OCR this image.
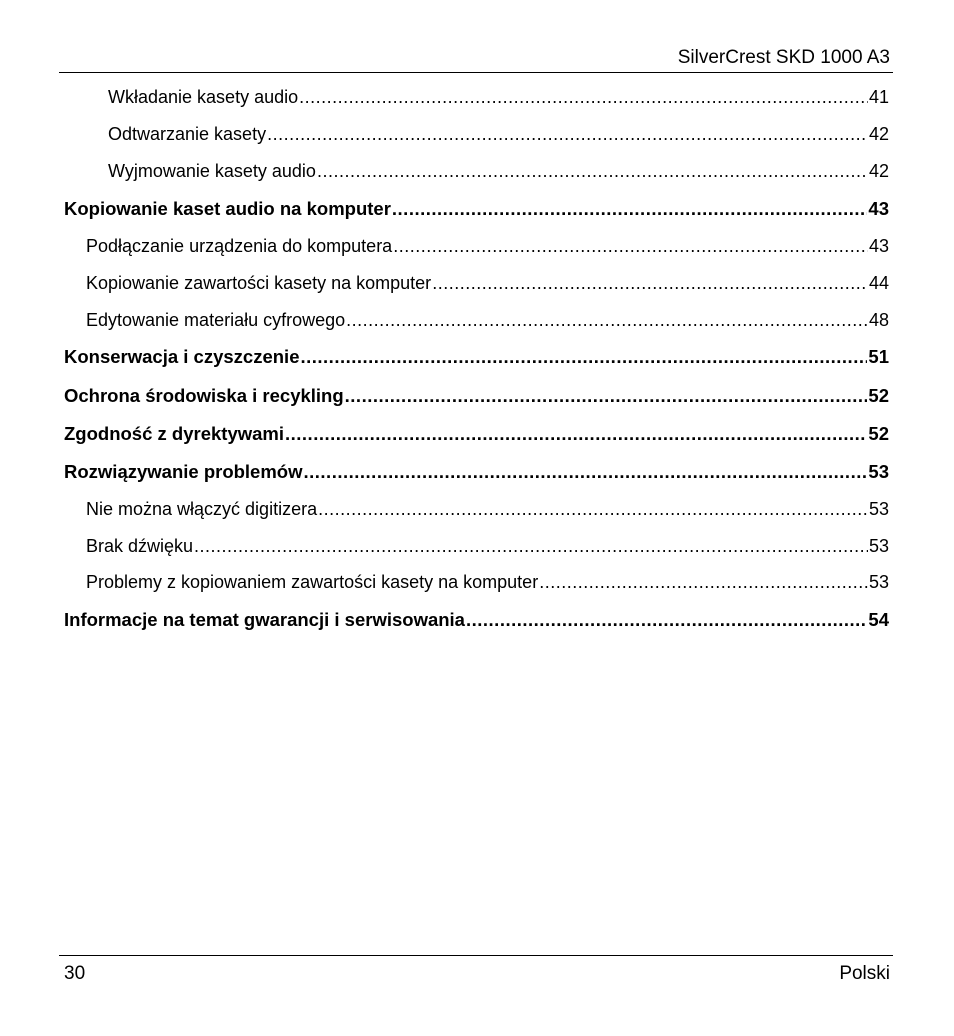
SilverCrest SKD 1000 A3
Wkładanie kasety audio .....	41
Odtwarzanie kasety .....	42
Wyjmowanie kasety audio .....	42
Kopiowanie kaset audio na komputer .....	43
Podłączanie urządzenia do komputera .....	43
Kopiowanie zawartości kasety na komputer .....	44
Edytowanie materiału cyfrowego .....	48
Konserwacja i czyszczenie .....	51
Ochrona środowiska i recykling .....	52
Zgodność z dyrektywami .....	52
Rozwiązywanie problemów .....	53
Nie można włączyć digitizera .....	53
Brak dźwięku .....	53
Problemy z kopiowaniem zawartości kasety na komputer .....	53
Informacje na temat gwarancji i serwisowania .....	54
30	Polski
